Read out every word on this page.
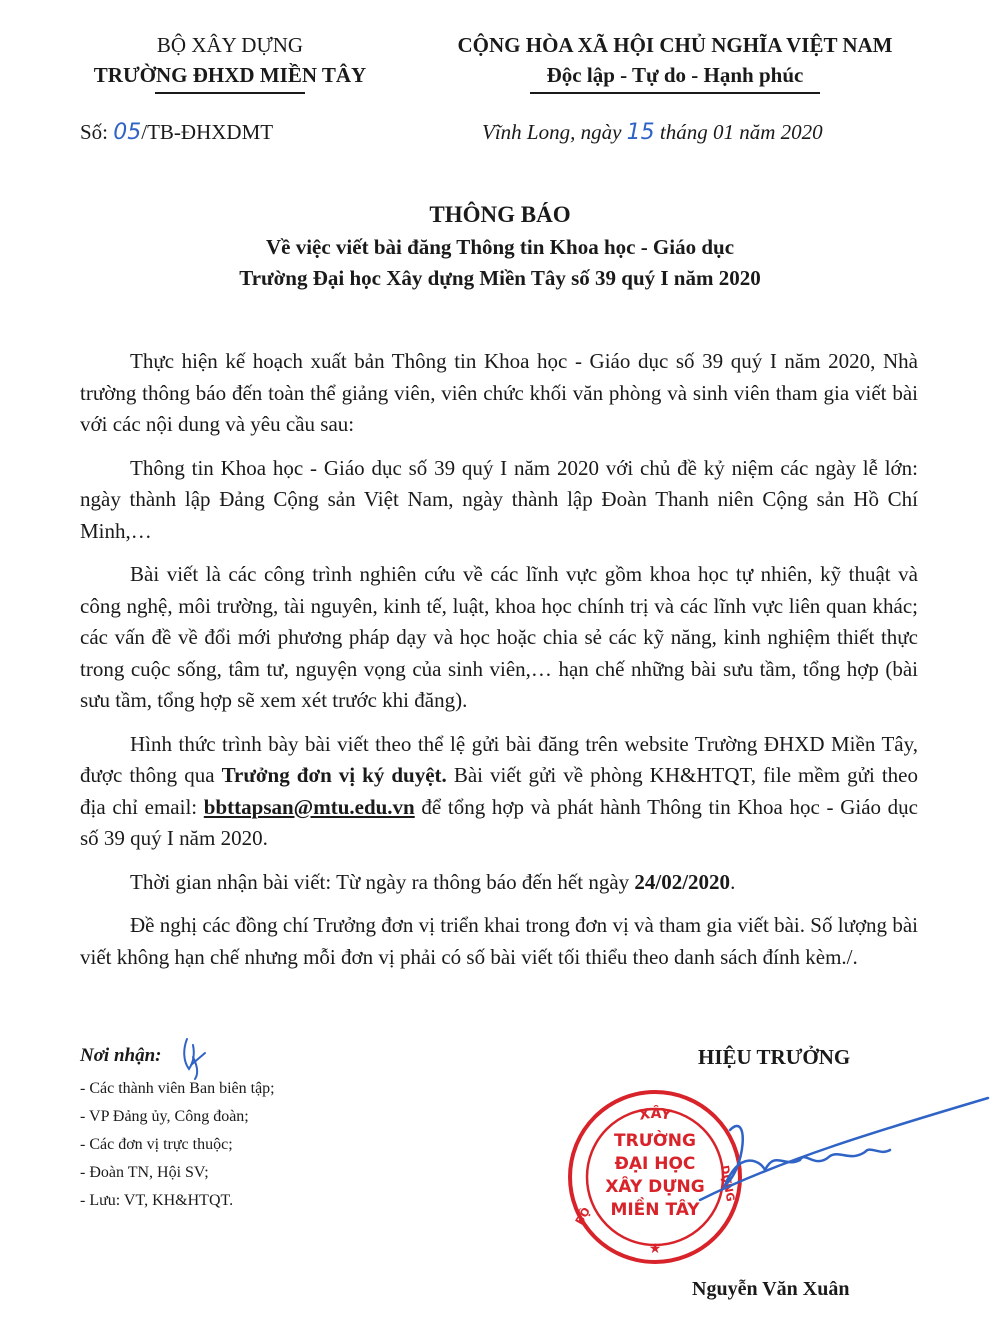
BỘ XÂY DỰNG
TRƯỜNG ĐHXD MIỀN TÂY
CỘNG HÒA XÃ HỘI CHỦ NGHĨA VIỆT NAM
Độc lập - Tự do - Hạnh phúc
Số: 05/TB-ĐHXDMT	Vĩnh Long, ngày 15 tháng 01 năm 2020
THÔNG BÁO
Về việc viết bài đăng Thông tin Khoa học - Giáo dục
Trường Đại học Xây dựng Miền Tây số 39 quý I năm 2020

Thực hiện kế hoạch xuất bản Thông tin Khoa học - Giáo dục số 39 quý I năm 2020, Nhà trường thông báo đến toàn thể giảng viên, viên chức khối văn phòng và sinh viên tham gia viết bài với các nội dung và yêu cầu sau:

Thông tin Khoa học - Giáo dục số 39 quý I năm 2020 với chủ đề kỷ niệm các ngày lễ lớn: ngày thành lập Đảng Cộng sản Việt Nam, ngày thành lập Đoàn Thanh niên Cộng sản Hồ Chí Minh,…

Bài viết là các công trình nghiên cứu về các lĩnh vực gồm khoa học tự nhiên, kỹ thuật và công nghệ, môi trường, tài nguyên, kinh tế, luật, khoa học chính trị và các lĩnh vực liên quan khác; các vấn đề về đổi mới phương pháp dạy và học hoặc chia sẻ các kỹ năng, kinh nghiệm thiết thực trong cuộc sống, tâm tư, nguyện vọng của sinh viên,… hạn chế những bài sưu tầm, tổng hợp (bài sưu tầm, tổng hợp sẽ xem xét trước khi đăng).

Hình thức trình bày bài viết theo thể lệ gửi bài đăng trên website Trường ĐHXD Miền Tây, được thông qua Trưởng đơn vị ký duyệt. Bài viết gửi về phòng KH&HTQT, file mềm gửi theo địa chỉ email: bbttapsan@mtu.edu.vn để tổng hợp và phát hành Thông tin Khoa học - Giáo dục số 39 quý I năm 2020.

Thời gian nhận bài viết: Từ ngày ra thông báo đến hết ngày 24/02/2020.

Đề nghị các đồng chí Trưởng đơn vị triển khai trong đơn vị và tham gia viết bài. Số lượng bài viết không hạn chế nhưng mỗi đơn vị phải có số bài viết tối thiểu theo danh sách đính kèm./.

Nơi nhận:
- Các thành viên Ban biên tập;
- VP Đảng ủy, Công đoàn;
- Các đơn vị trực thuộc;
- Đoàn TN, Hội SV;
- Lưu: VT, KH&HTQT.
HIỆU TRƯỞNG
XÂY
DỰNG
BỘ
★
TRƯỜNG
ĐẠI HỌC
XÂY DỰNG
MIỀN TÂY
Nguyễn Văn Xuân
